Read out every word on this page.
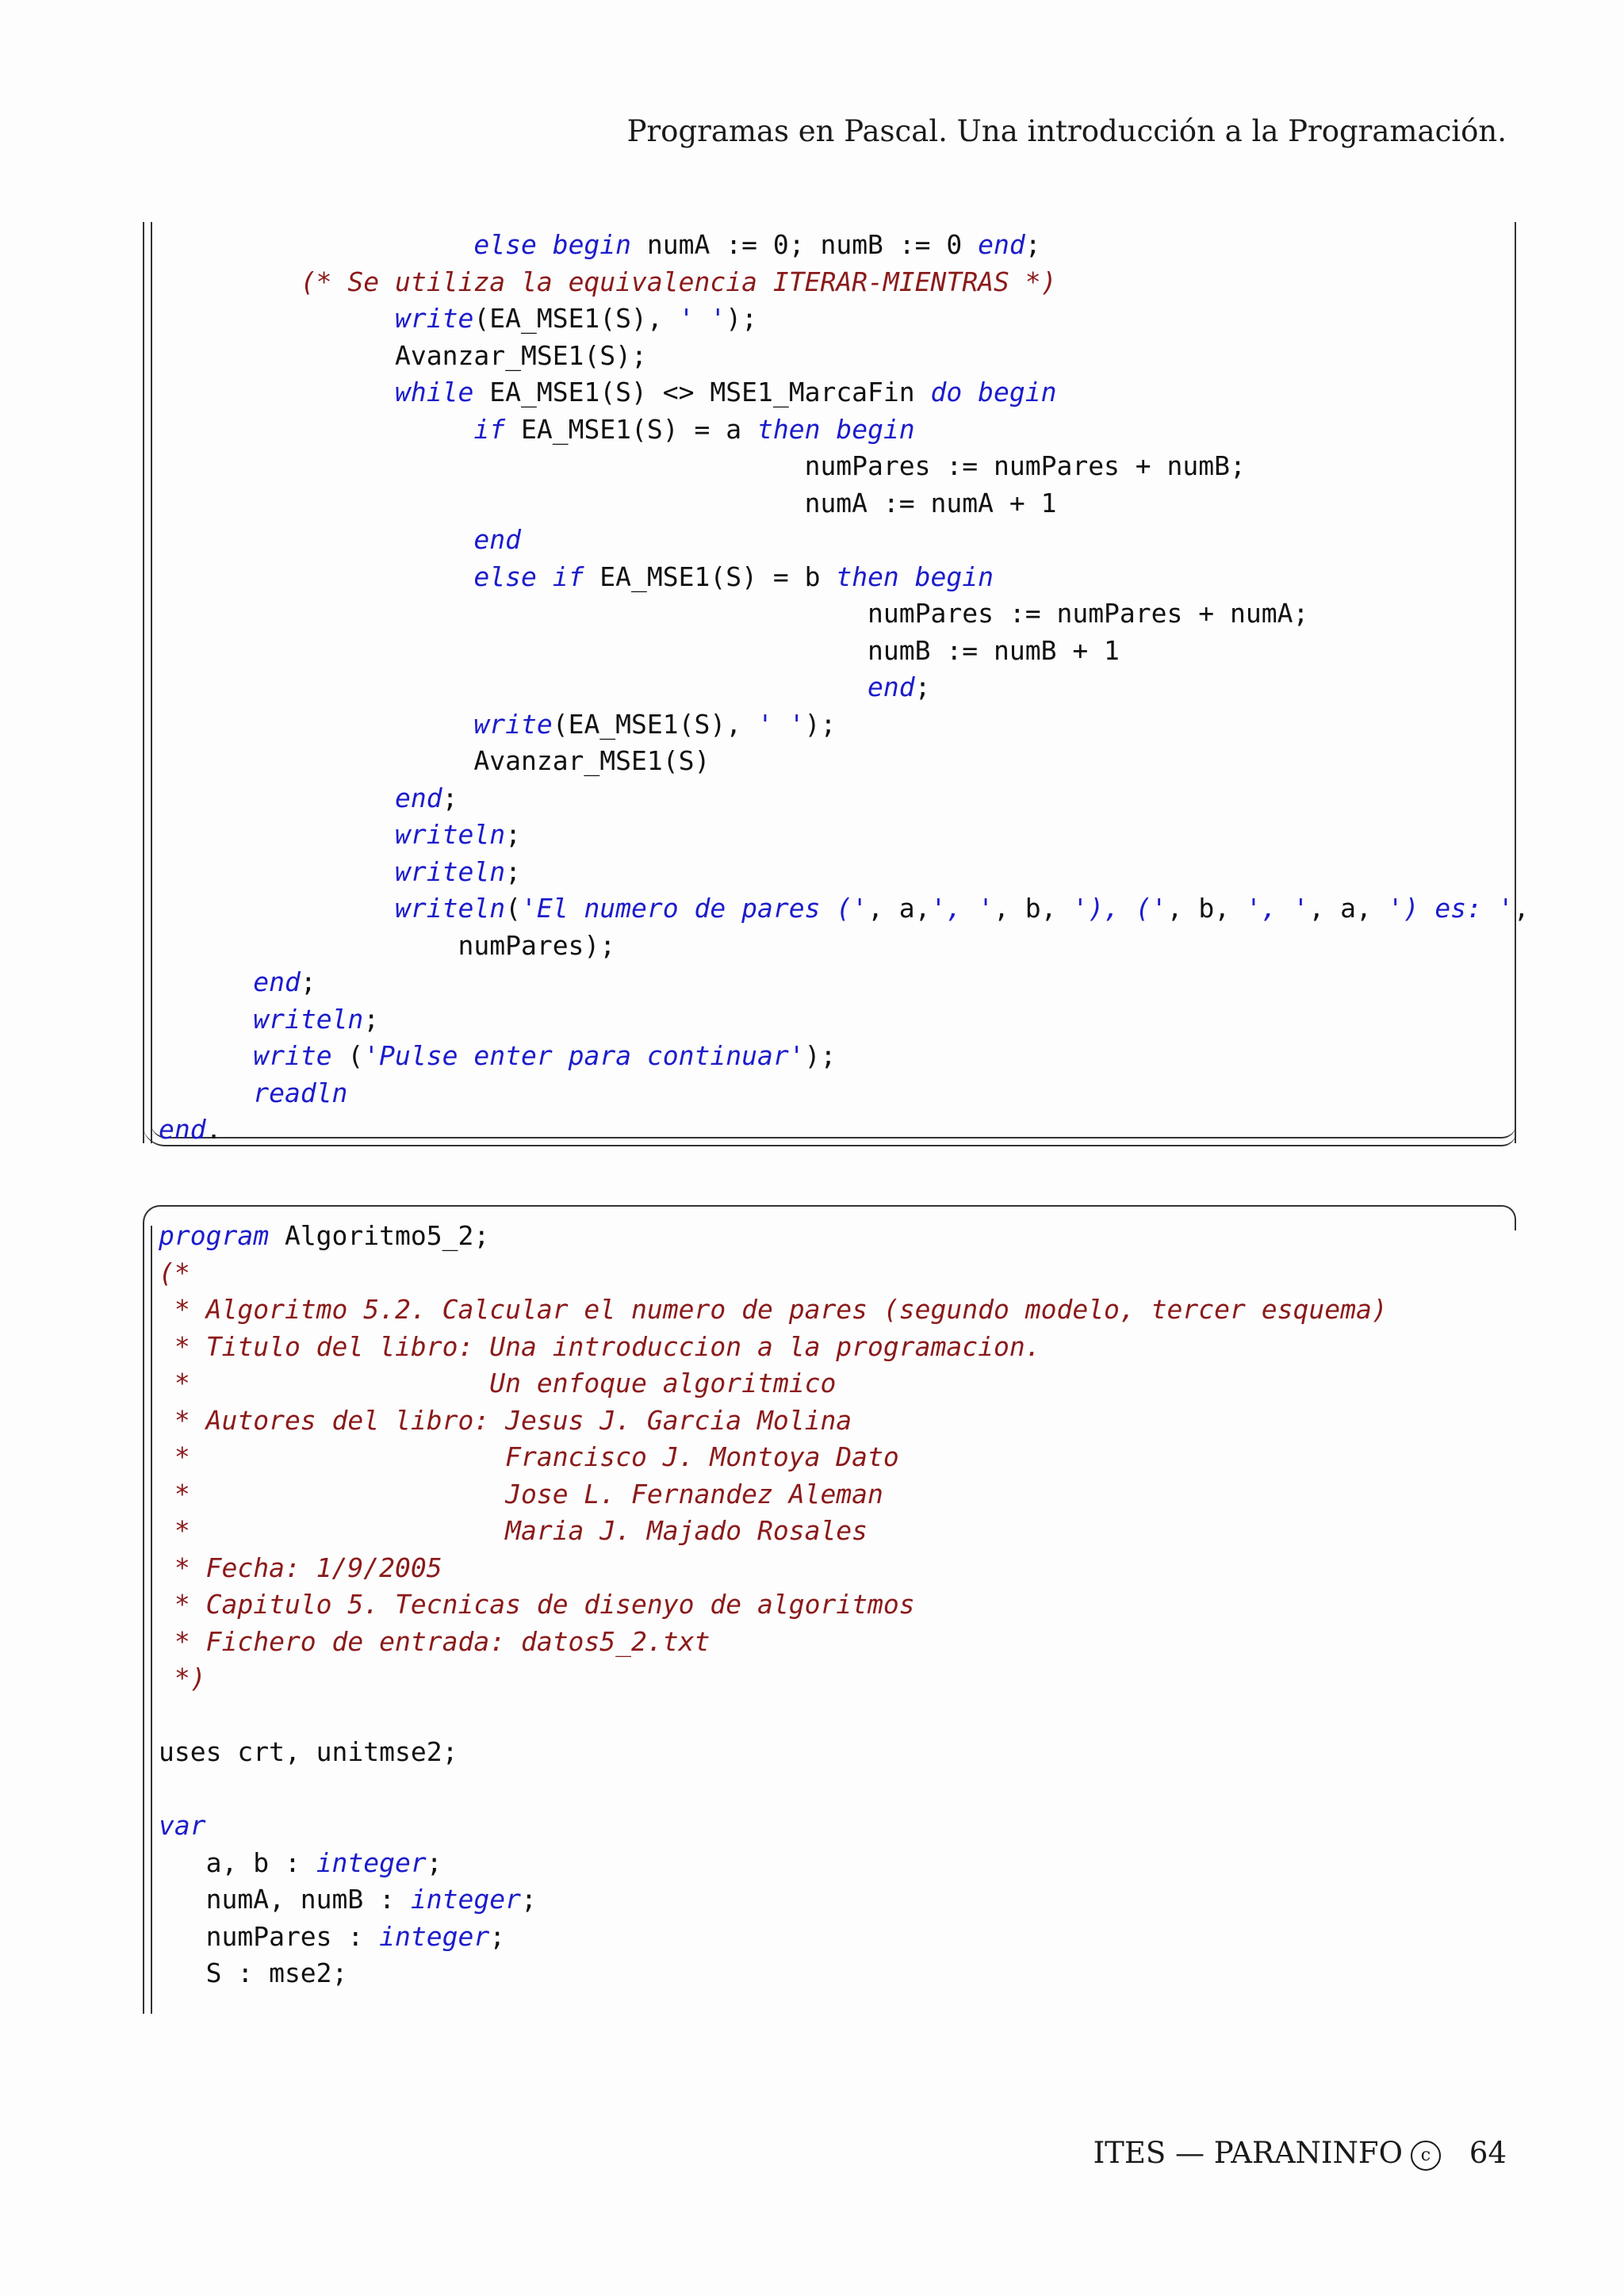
Programas en Pascal. Una introducción a la Programación.
else begin numA := 0; numB := 0 end;
(* Se utiliza la equivalencia ITERAR-MIENTRAS *)
write(EA_MSE1(S), ' ');
Avanzar_MSE1(S);
while EA_MSE1(S) <> MSE1_MarcaFin do begin
if EA_MSE1(S) = a then begin
numPares := numPares + numB;
numA := numA + 1
end
else if EA_MSE1(S) = b then begin
numPares := numPares + numA;
numB := numB + 1
end;
write(EA_MSE1(S), ' ');
Avanzar_MSE1(S)
end;
writeln;
writeln;
writeln('El numero de pares (', a,', ', b, '), (', b, ', ', a, ') es: ',
numPares);
end;
writeln;
write ('Pulse enter para continuar');
readln
end.
program Algoritmo5_2;
(*
* Algoritmo 5.2. Calcular el numero de pares (segundo modelo, tercer esquema)
* Titulo del libro: Una introduccion a la programacion.
*                   Un enfoque algoritmico
* Autores del libro: Jesus J. Garcia Molina
*                    Francisco J. Montoya Dato
*                    Jose L. Fernandez Aleman
*                    Maria J. Majado Rosales
* Fecha: 1/9/2005
* Capitulo 5. Tecnicas de disenyo de algoritmos
* Fichero de entrada: datos5_2.txt
*)
uses crt, unitmse2;
var
a, b : integer;
numA, numB : integer;
numPares : integer;
S : mse2;
ITES — PARANINFO c 64
